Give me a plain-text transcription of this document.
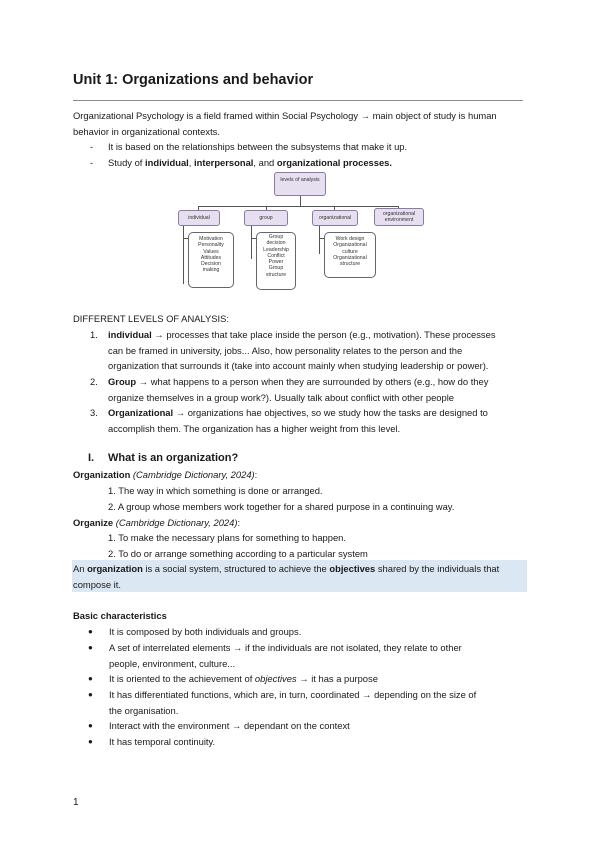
Unit 1: Organizations and behavior
Organizational Psychology is a field framed within Social Psychology → main object of study is human
behavior in organizational contexts.
- It is based on the relationships between the subsystems that make it up.
- Study of individual, interpersonal, and organizational processes.
levels of analysis
individual	group	organizational
organizational environment
Motivation
Personality
Values
Attitudes
Decision
making
Group
decision
Leadership
Conflict
Power
Group
structure
Work design
Organizational
culture
Organizational
structure
DIFFERENT LEVELS OF ANALYSIS:
1. individual → processes that take place inside the person (e.g., motivation). These processes
can be framed in university, jobs... Also, how personality relates to the person and the
organization that surrounds it (take into account mainly when studying leadership or power).
2. Group → what happens to a person when they are surrounded by others (e.g., how do they
organize themselves in a group work?). Usually talk about conflict with other people
3. Organizational → organizations hae objectives, so we study how the tasks are designed to
accomplish them. The organization has a higher weight from this level.
I. What is an organization?
Organization (Cambridge Dictionary, 2024):
1. The way in which something is done or arranged.
2. A group whose members work together for a shared purpose in a continuing way.
Organize (Cambridge Dictionary, 2024):
1. To make the necessary plans for something to happen.
2. To do or arrange something according to a particular system
An organization is a social system, structured to achieve the objectives shared by the individuals that
compose it.
Basic characteristics
● It is composed by both individuals and groups.
● A set of interrelated elements → if the individuals are not isolated, they relate to other
people, environment, culture...
● It is oriented to the achievement of objectives → it has a purpose
● It has differentiated functions, which are, in turn, coordinated → depending on the size of
the organisation.
● Interact with the environment → dependant on the context
● It has temporal continuity.
1
